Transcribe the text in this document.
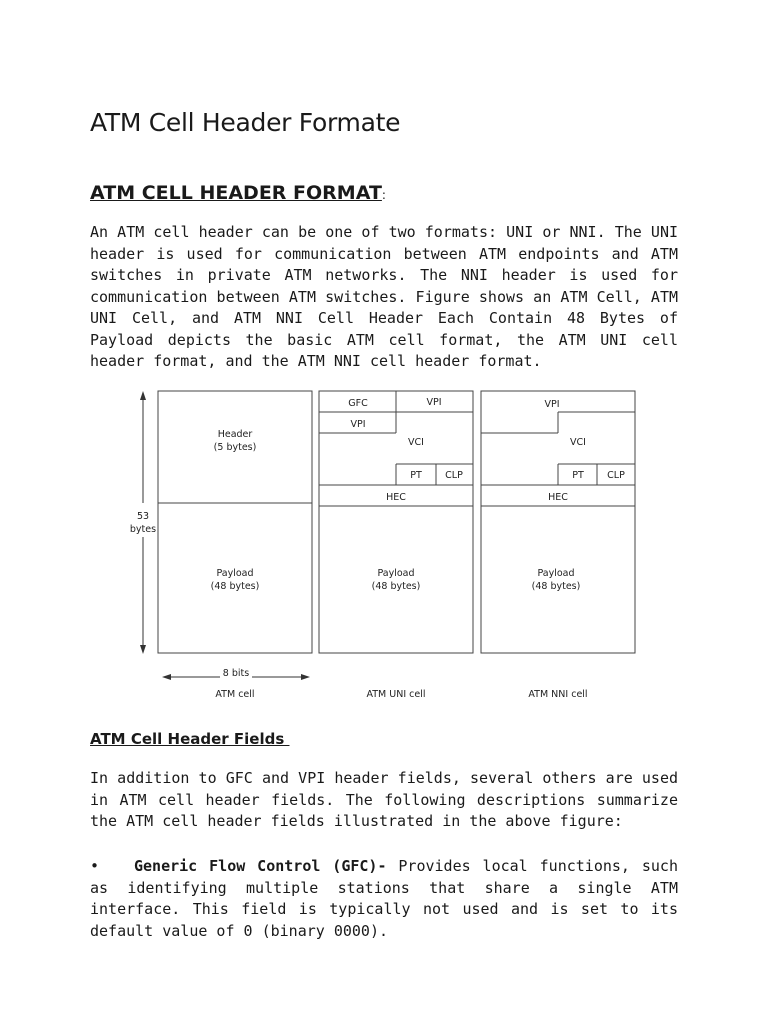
ATM Cell Header Formate
ATM CELL HEADER FORMAT:

An ATM cell header can be one of two formats: UNI or NNI. The UNI header is used for communication between ATM endpoints and ATM switches in private ATM networks. The NNI header is used for communication between ATM switches. Figure shows an ATM Cell, ATM UNI Cell, and ATM NNI Cell Header Each Contain 48 Bytes of Payload depicts the basic ATM cell format, the ATM UNI cell header format, and the ATM NNI cell header format.

53
bytes
Header
(5 bytes)
Payload
(48 bytes)
8 bits
ATM cell
GFC	VPI
VPI
VCI
PT CLP
HEC
Payload
(48 bytes)
ATM UNI cell
VPI
VCI
PT CLP
HEC
Payload
(48 bytes)
ATM NNI cell
ATM Cell Header Fields

In addition to GFC and VPI header fields, several others are used in ATM cell header fields. The following descriptions summarize the ATM cell header fields illustrated in the above figure:

• Generic Flow Control (GFC)- Provides local functions, such as identifying multiple stations that share a single ATM interface. This field is typically not used and is set to its default value of 0 (binary 0000).
